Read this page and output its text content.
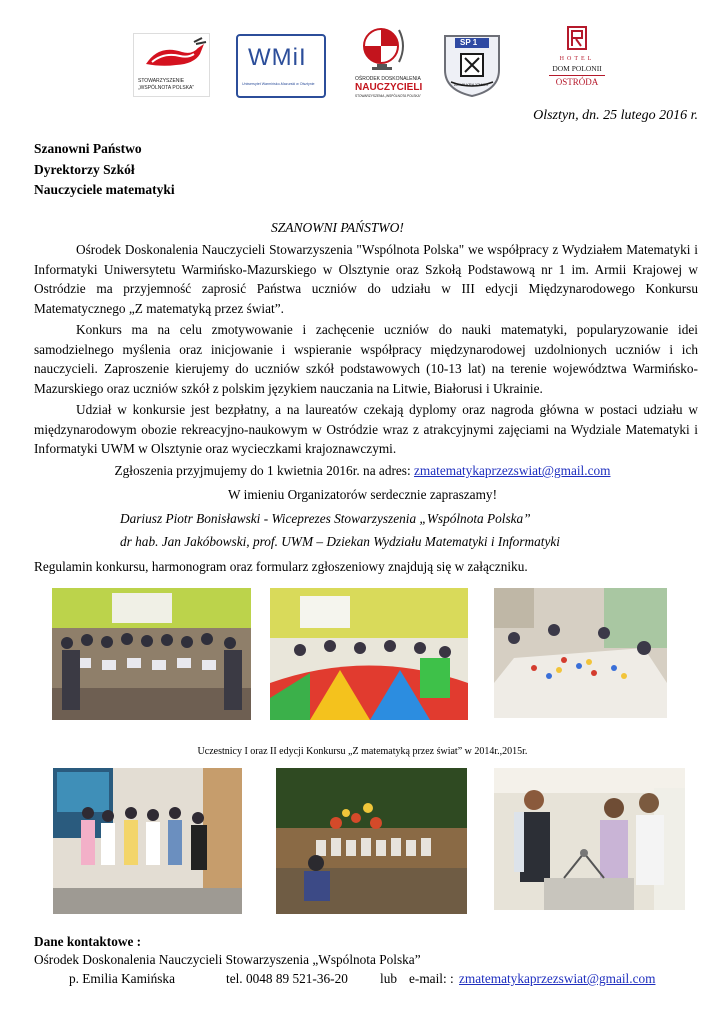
STOWARZYSZENIE
„WSPÓLNOTA POLSKA”
WMiI
Uniwersytet Warmińsko-Mazurski w Olsztynie
OŚRODEK DOSKONALENIA
NAUCZYCIELI
STOWARZYSZENIA „WSPÓLNOTA POLSKA”
SP 1
ARMII KRAJOWEJ
HOTEL
DOM POLONII
OSTRÓDA
Olsztyn, dn. 25 lutego 2016 r.
Szanowni Państwo
Dyrektorzy Szkół
Nauczyciele matematyki
SZANOWNI PAŃSTWO!
Ośrodek Doskonalenia Nauczycieli Stowarzyszenia "Wspólnota Polska" we współpracy z Wydziałem Matematyki i Informatyki Uniwersytetu Warmińsko-Mazurskiego w Olsztynie oraz Szkołą Podstawową nr 1 im. Armii Krajowej w Ostródzie ma przyjemność zaprosić Państwa uczniów do udziału w III edycji Międzynarodowego Konkursu Matematycznego „Z matematyką przez świat”.
Konkurs ma na celu zmotywowanie i zachęcenie uczniów do nauki matematyki, popularyzowanie idei samodzielnego myślenia oraz inicjowanie i wspieranie współpracy międzynarodowej uzdolnionych uczniów i ich nauczycieli. Zaproszenie kierujemy do uczniów szkół podstawowych (10-13 lat) na terenie województwa Warmińsko-Mazurskiego oraz uczniów szkół z polskim językiem nauczania na Litwie, Białorusi i Ukrainie.
Udział w konkursie jest bezpłatny, a na laureatów czekają dyplomy oraz nagroda główna w postaci udziału w międzynarodowym obozie rekreacyjno-naukowym w Ostródzie wraz z atrakcyjnymi zajęciami na Wydziale Matematyki i Informatyki UWM w Olsztynie oraz wycieczkami krajoznawczymi.
Zgłoszenia przyjmujemy do 1 kwietnia 2016r. na adres: zmatematykaprzezswiat@gmail.com
W imieniu Organizatorów serdecznie zapraszamy!
Dariusz Piotr Bonisławski - Wiceprezes Stowarzyszenia „Wspólnota Polska”
dr hab. Jan Jakóbowski, prof. UWM – Dziekan Wydziału Matematyki i Informatyki
Regulamin konkursu, harmonogram oraz formularz zgłoszeniowy znajdują się w załączniku.
Uczestnicy I oraz II edycji Konkursu „Z matematyką przez świat” w 2014r.,2015r.
Dane kontaktowe :
Ośrodek Doskonalenia Nauczycieli Stowarzyszenia „Wspólnota Polska”
p. Emilia Kamińska	tel. 0048 89 521-36-20 lub e-mail: : zmatematykaprzezswiat@gmail.com
